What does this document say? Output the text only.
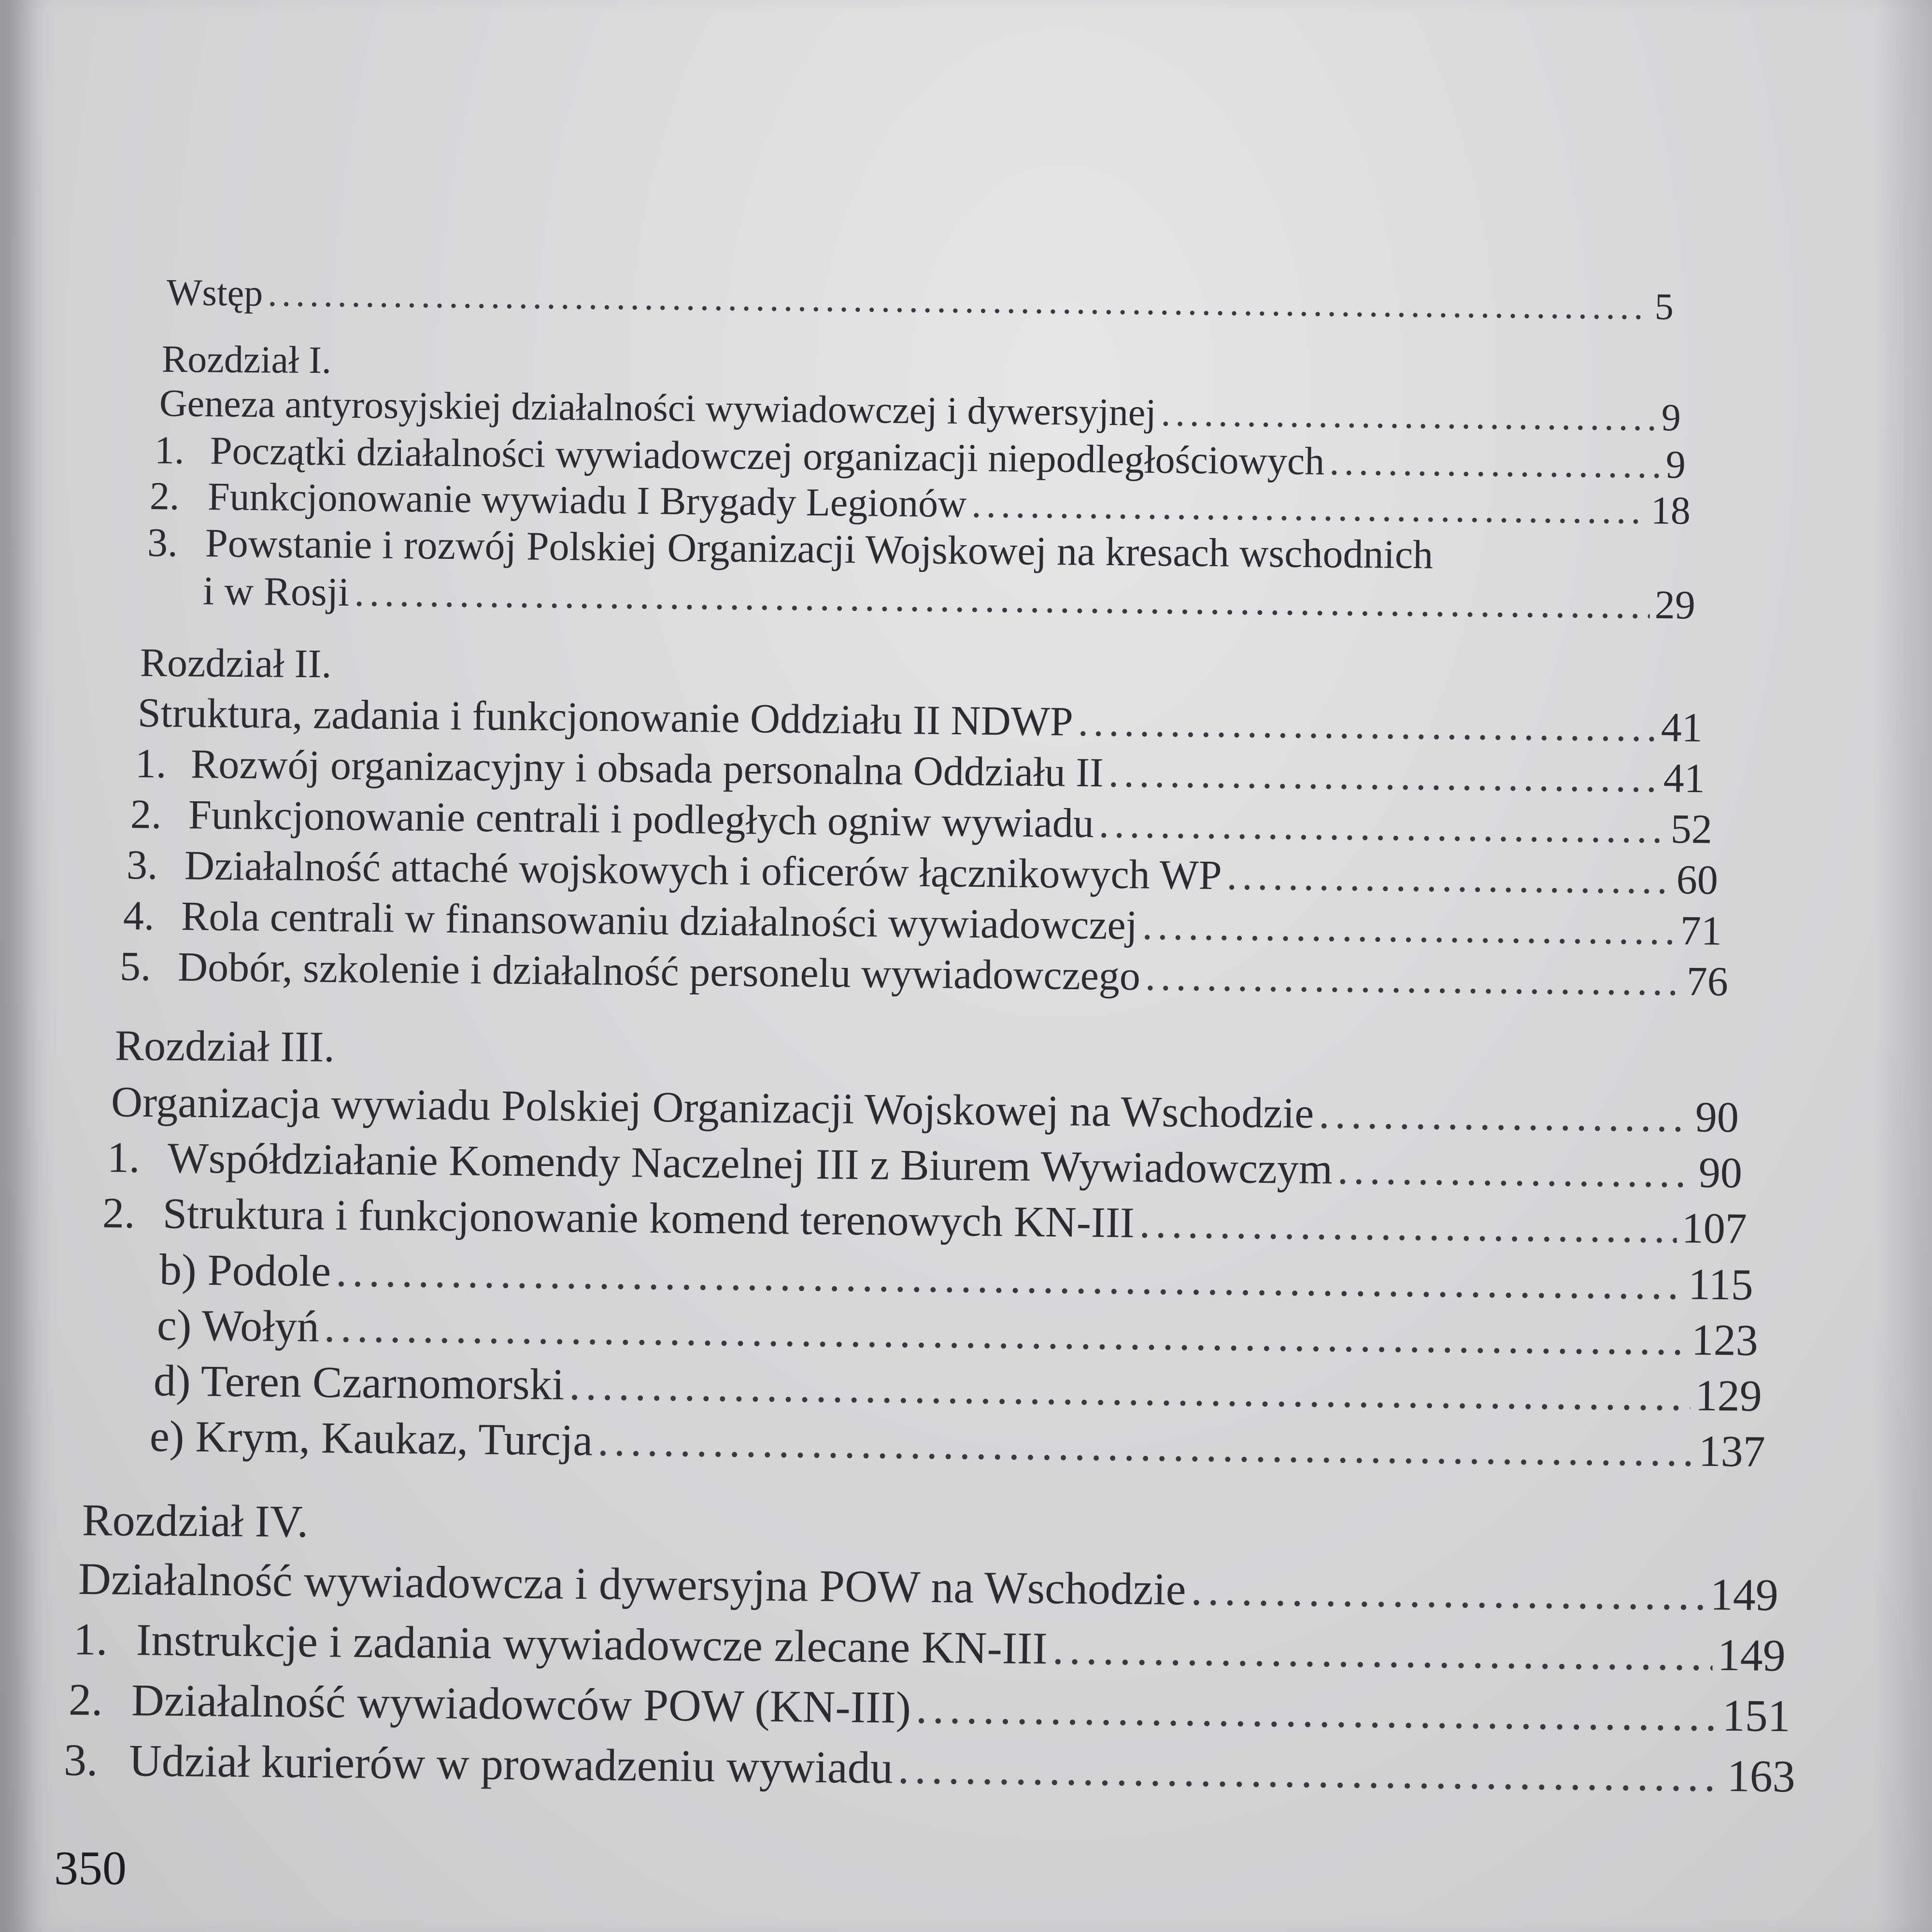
Wstęp .....	5
Rozdział I.
Geneza antyrosyjskiej działalności wywiadowczej i dywersyjnej .....	9
1. Początki działalności wywiadowczej organizacji niepodległościowych .....	9
2. Funkcjonowanie wywiadu I Brygady Legionów .....	18
3. Powstanie i rozwój Polskiej Organizacji Wojskowej na kresach wschodnich
i w Rosji .....	29
Rozdział II.
Struktura, zadania i funkcjonowanie Oddziału II NDWP .....	41
1. Rozwój organizacyjny i obsada personalna Oddziału II .....	41
2. Funkcjonowanie centrali i podległych ogniw wywiadu .....	52
3. Działalność attaché wojskowych i oficerów łącznikowych WP .....	60
4. Rola centrali w finansowaniu działalności wywiadowczej .....	71
5. Dobór, szkolenie i działalność personelu wywiadowczego .....	76
Rozdział III.
Organizacja wywiadu Polskiej Organizacji Wojskowej na Wschodzie .....	90
1. Współdziałanie Komendy Naczelnej III z Biurem Wywiadowczym .....	90
2. Struktura i funkcjonowanie komend terenowych KN-III .....	107
b) Podole .....	115
c) Wołyń .....	123
d) Teren Czarnomorski .....	129
e) Krym, Kaukaz, Turcja .....	137
Rozdział IV.
Działalność wywiadowcza i dywersyjna POW na Wschodzie .....	149
1. Instrukcje i zadania wywiadowcze zlecane KN-III .....	149
2. Działalność wywiadowców POW (KN-III) .....	151
3. Udział kurierów w prowadzeniu wywiadu .....	163
350
